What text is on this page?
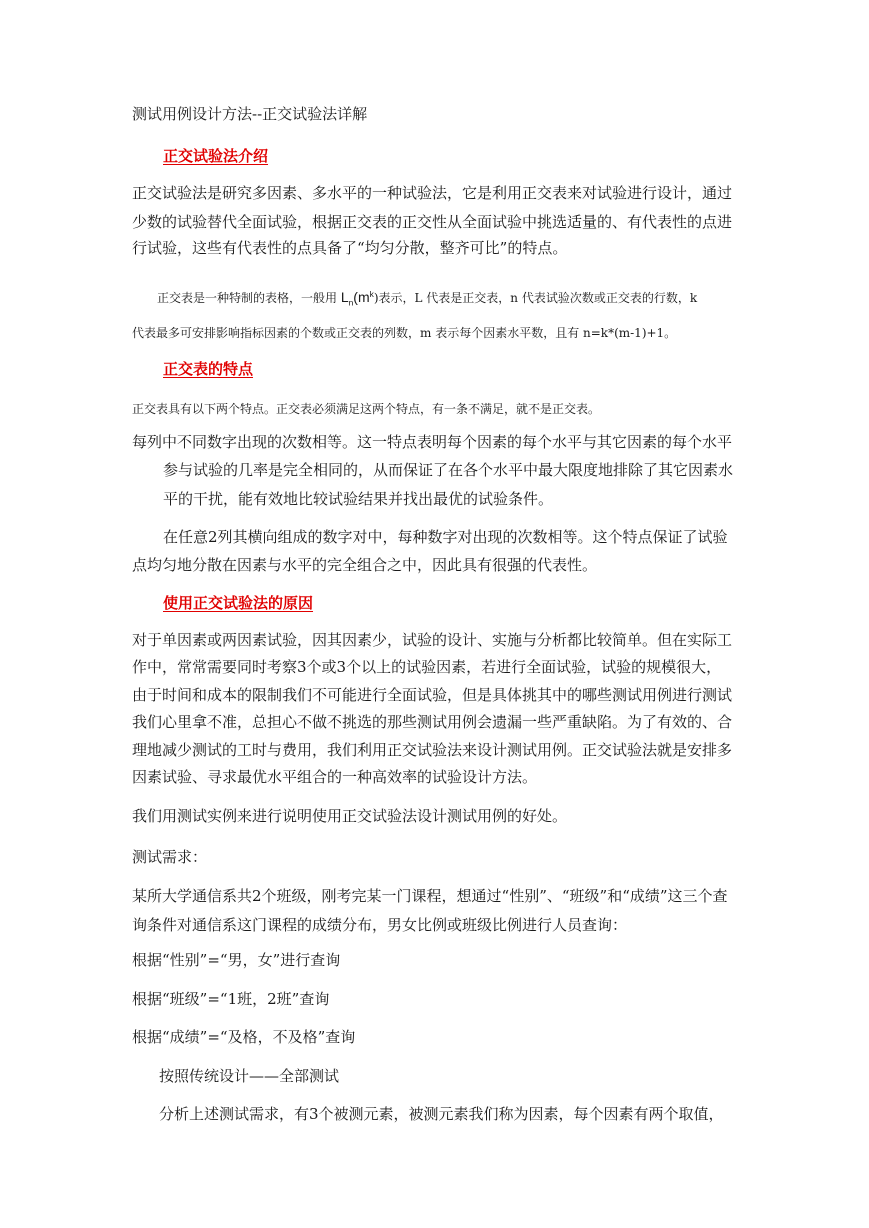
测试用例设计方法--正交试验法详解
正交试验法介绍
正交试验法是研究多因素、多水平的一种试验法，它是利用正交表来对试验进行设计，通过
少数的试验替代全面试验，根据正交表的正交性从全面试验中挑选适量的、有代表性的点进
行试验，这些有代表性的点具备了“均匀分散，整齐可比”的特点。
正交表是一种特制的表格，一般用 $L_n(m^k)$表示，L 代表是正交表，n 代表试验次数或正交表的行数，k
代表最多可安排影响指标因素的个数或正交表的列数，m 表示每个因素水平数，且有 n=k*(m-1)+1。
正交表的特点
正交表具有以下两个特点。正交表必须满足这两个特点，有一条不满足，就不是正交表。
每列中不同数字出现的次数相等。这一特点表明每个因素的每个水平与其它因素的每个水平
参与试验的几率是完全相同的，从而保证了在各个水平中最大限度地排除了其它因素水
平的干扰，能有效地比较试验结果并找出最优的试验条件。
在任意2列其横向组成的数字对中，每种数字对出现的次数相等。这个特点保证了试验
点均匀地分散在因素与水平的完全组合之中，因此具有很强的代表性。
使用正交试验法的原因
对于单因素或两因素试验，因其因素少，试验的设计、实施与分析都比较简单。但在实际工
作中，常常需要同时考察3个或3个以上的试验因素，若进行全面试验，试验的规模很大，
由于时间和成本的限制我们不可能进行全面试验，但是具体挑其中的哪些测试用例进行测试
我们心里拿不准，总担心不做不挑选的那些测试用例会遗漏一些严重缺陷。为了有效的、合
理地减少测试的工时与费用，我们利用正交试验法来设计测试用例。正交试验法就是安排多
因素试验、寻求最优水平组合的一种高效率的试验设计方法。
我们用测试实例来进行说明使用正交试验法设计测试用例的好处。
测试需求：
某所大学通信系共2个班级，刚考完某一门课程，想通过“性别”、“班级”和“成绩”这三个查
询条件对通信系这门课程的成绩分布，男女比例或班级比例进行人员查询：
根据“性别”=“男，女”进行查询
根据“班级”=“1班，2班”查询
根据“成绩”=“及格，不及格”查询
按照传统设计——全部测试
分析上述测试需求，有3个被测元素，被测元素我们称为因素，每个因素有两个取值，
